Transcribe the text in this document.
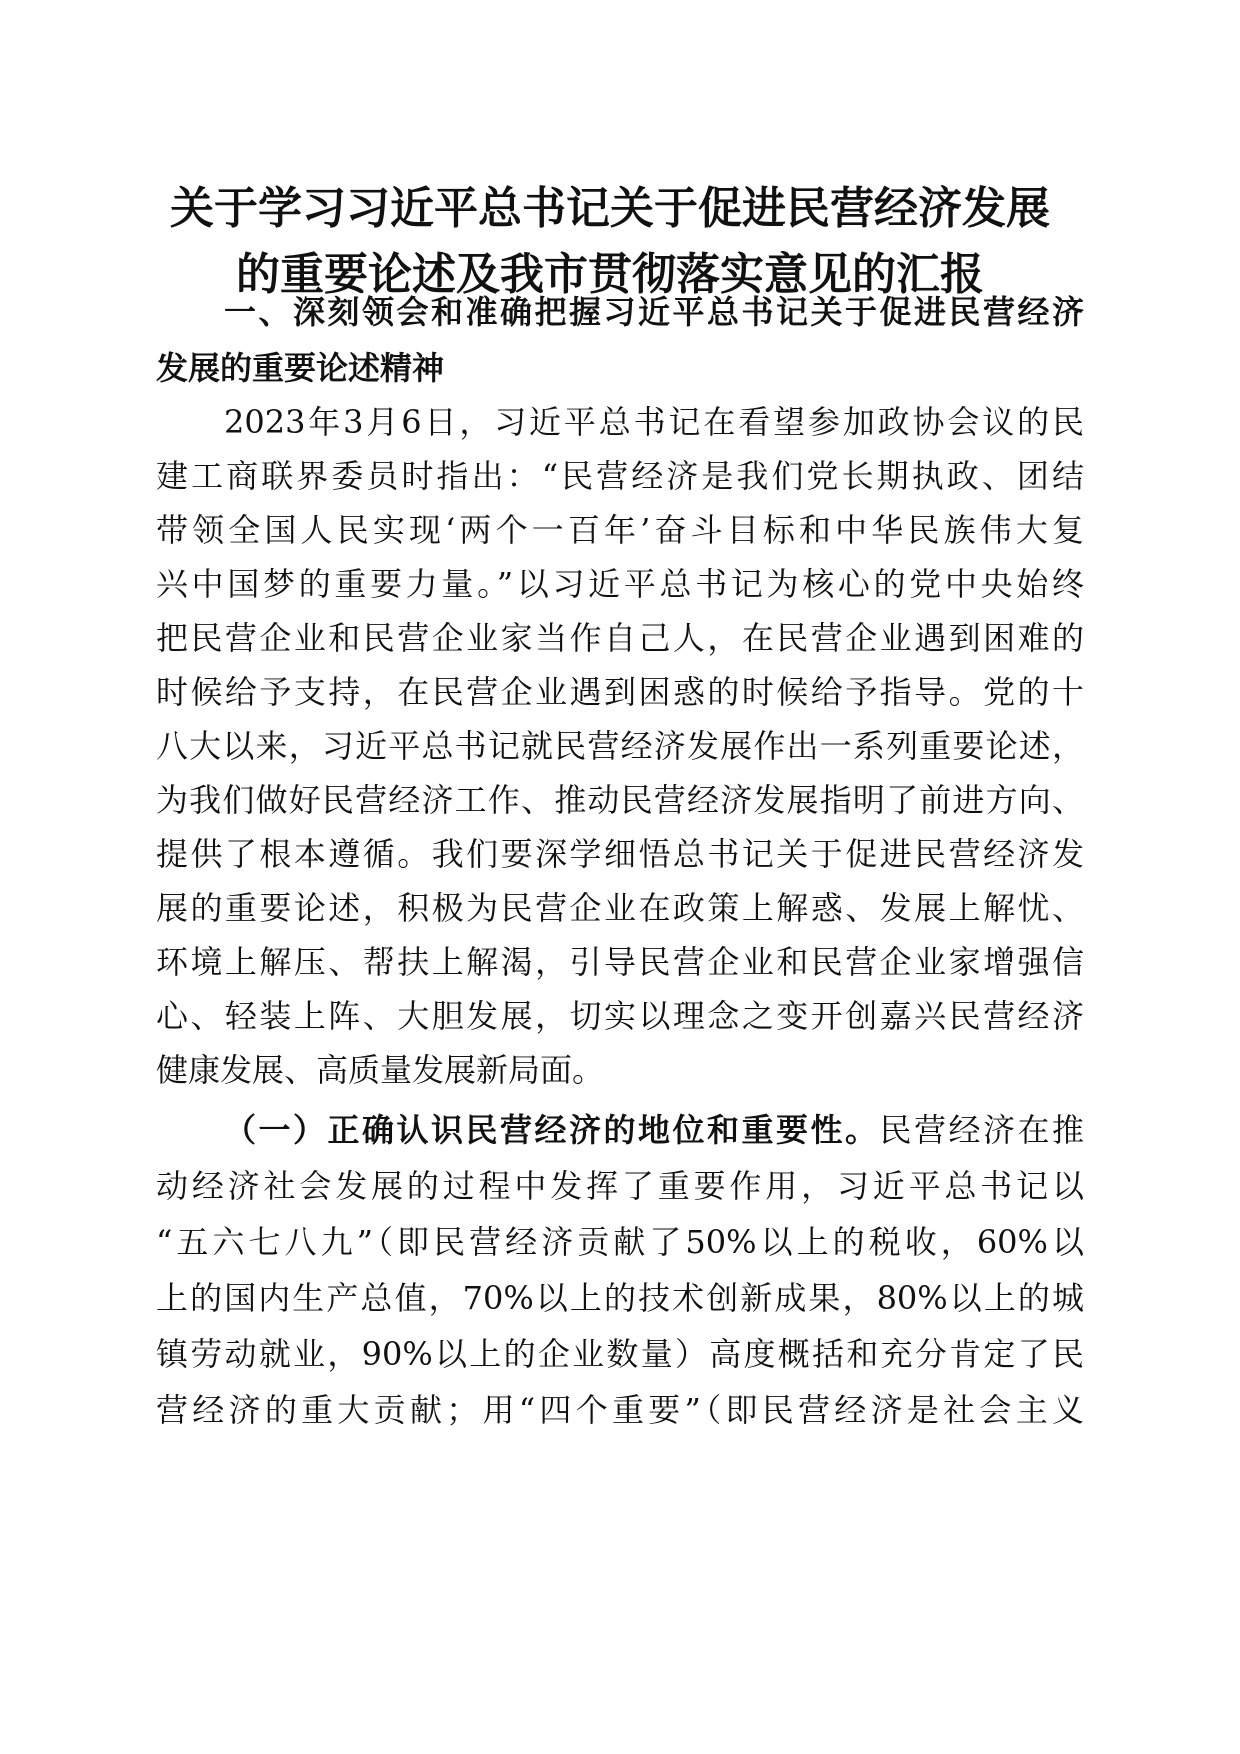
关于学习习近平总书记关于促进民营经济发展
的重要论述及我市贯彻落实意见的汇报
一、深刻领会和准确把握习近平总书记关于促进民营经济
发展的重要论述精神
2023年3月6日，习近平总书记在看望参加政协会议的民
建工商联界委员时指出：“民营经济是我们党长期执政、团结
带领全国人民实现‘两个一百年’奋斗目标和中华民族伟大复
兴中国梦的重要力量。”以习近平总书记为核心的党中央始终
把民营企业和民营企业家当作自己人，在民营企业遇到困难的
时候给予支持，在民营企业遇到困惑的时候给予指导。党的十
八大以来，习近平总书记就民营经济发展作出一系列重要论述，
为我们做好民营经济工作、推动民营经济发展指明了前进方向、
提供了根本遵循。我们要深学细悟总书记关于促进民营经济发
展的重要论述，积极为民营企业在政策上解惑、发展上解忧、
环境上解压、帮扶上解渴，引导民营企业和民营企业家增强信
心、轻装上阵、大胆发展，切实以理念之变开创嘉兴民营经济
健康发展、高质量发展新局面。
（一）正确认识民营经济的地位和重要性。民营经济在推
动经济社会发展的过程中发挥了重要作用，习近平总书记以
“五六七八九”（即民营经济贡献了50%以上的税收，60%以
上的国内生产总值，70%以上的技术创新成果，80%以上的城
镇劳动就业，90%以上的企业数量）高度概括和充分肯定了民
营经济的重大贡献；用“四个重要”（即民营经济是社会主义
